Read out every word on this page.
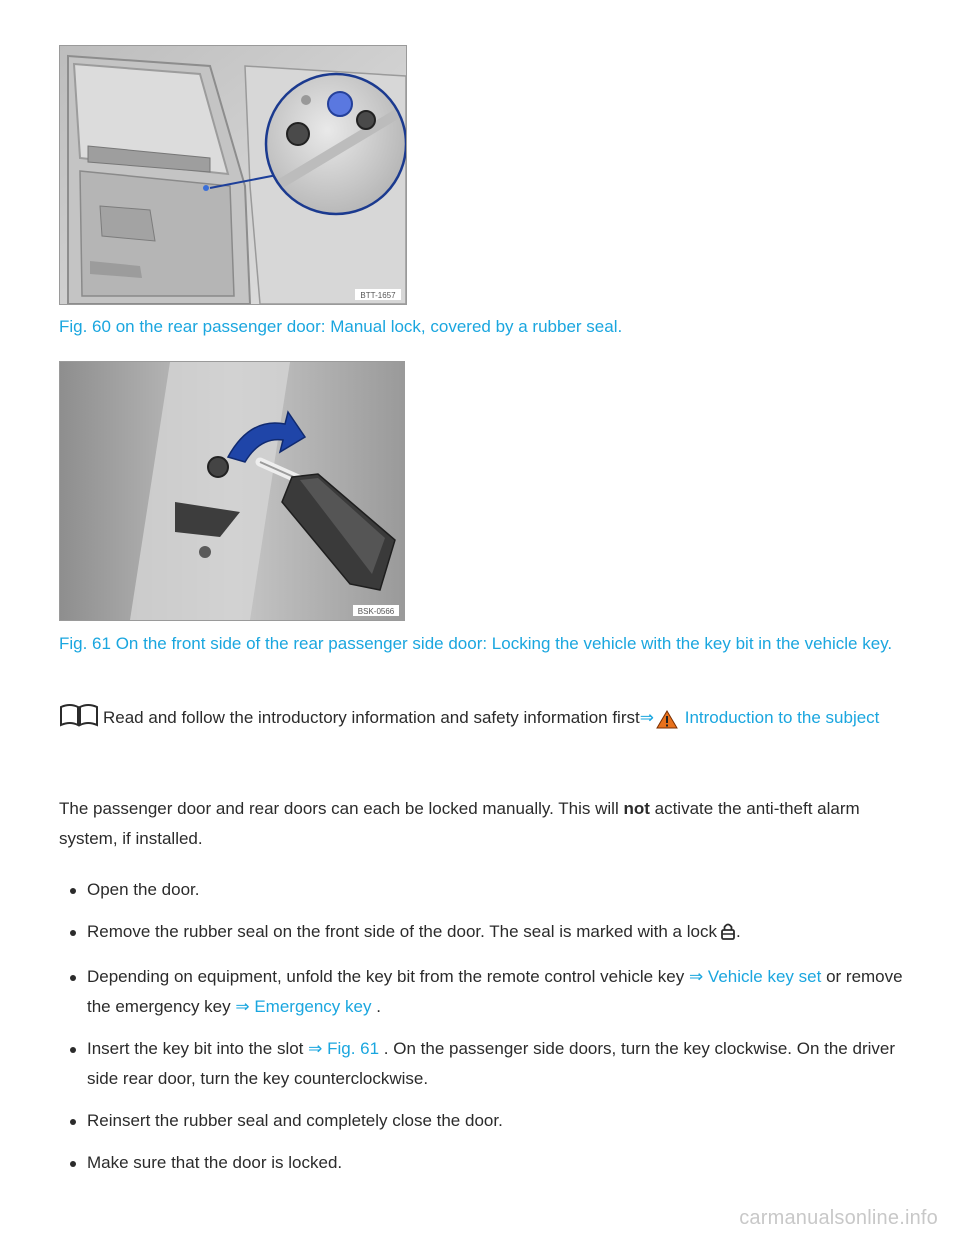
BTT-1657
Fig. 60 on the rear passenger door: Manual lock, covered by a rubber seal.
BSK-0566
Fig. 61 On the front side of the rear passenger side door: Locking the vehicle with the key bit in the vehicle key.
Read and follow the introductory information and safety information first⇒ Introduction to the subject
The passenger door and rear doors can each be locked manually. This will not activate the anti-theft alarm system, if installed.
Open the door.
Remove the rubber seal on the front side of the door. The seal is marked with a lock .
Depending on equipment, unfold the key bit from the remote control vehicle key ⇒ Vehicle key set or remove the emergency key ⇒ Emergency key .
Insert the key bit into the slot ⇒ Fig. 61 . On the passenger side doors, turn the key clockwise. On the driver side rear door, turn the key counterclockwise.
Reinsert the rubber seal and completely close the door.
Make sure that the door is locked.
carmanualsonline.info
